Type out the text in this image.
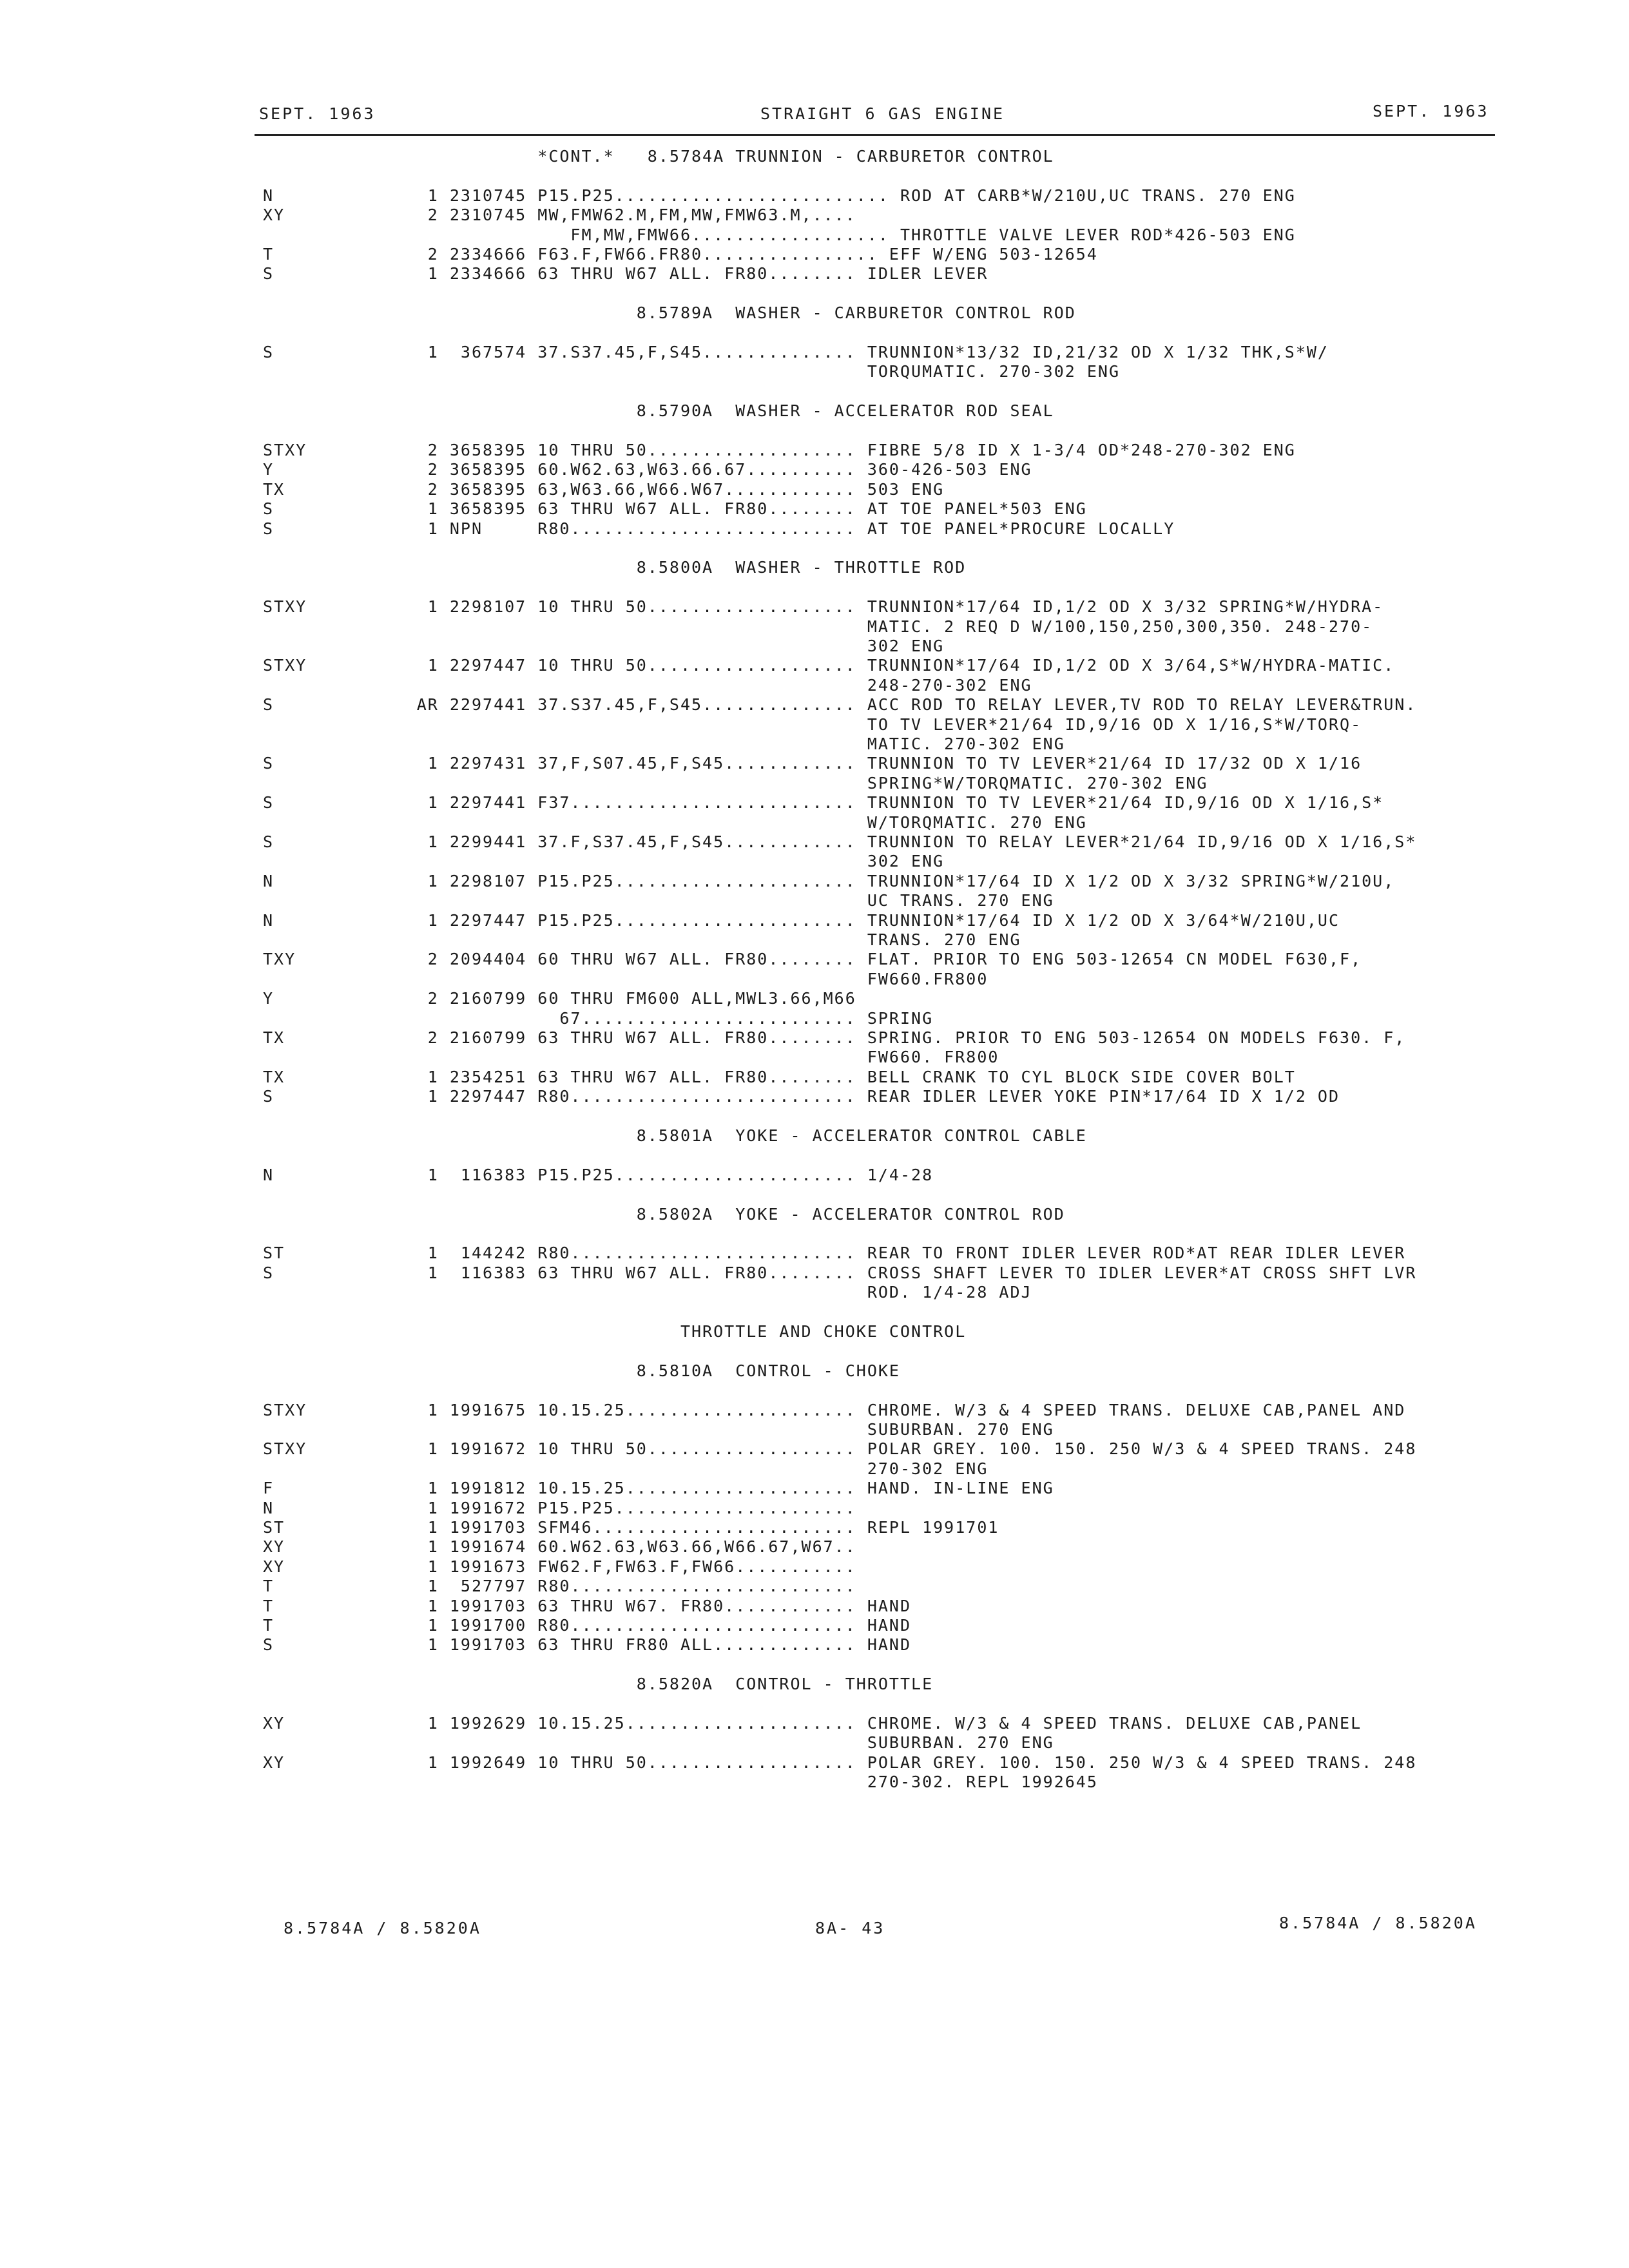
SEPT. 1963	STRAIGHT 6 GAS ENGINE	SEPT. 1963
*CONT.*   8.5784A TRUNNION - CARBURETOR CONTROL
N              1 2310745 P15.P25......................... ROD AT CARB*W/210U,UC TRANS. 270 ENG
XY             2 2310745 MW,FMW62.M,FM,MW,FMW63.M,....
FM,MW,FMW66.................. THROTTLE VALVE LEVER ROD*426-503 ENG
T              2 2334666 F63.F,FW66.FR80................ EFF W/ENG 503-12654
S              1 2334666 63 THRU W67 ALL. FR80........ IDLER LEVER
8.5789A  WASHER - CARBURETOR CONTROL ROD
S              1  367574 37.S37.45,F,S45.............. TRUNNION*13/32 ID,21/32 OD X 1/32 THK,S*W/
TORQUMATIC. 270-302 ENG
8.5790A  WASHER - ACCELERATOR ROD SEAL
STXY           2 3658395 10 THRU 50................... FIBRE 5/8 ID X 1-3/4 OD*248-270-302 ENG
Y              2 3658395 60.W62.63,W63.66.67.......... 360-426-503 ENG
TX             2 3658395 63,W63.66,W66.W67............ 503 ENG
S              1 3658395 63 THRU W67 ALL. FR80........ AT TOE PANEL*503 ENG
S              1 NPN     R80.......................... AT TOE PANEL*PROCURE LOCALLY
8.5800A  WASHER - THROTTLE ROD
STXY           1 2298107 10 THRU 50................... TRUNNION*17/64 ID,1/2 OD X 3/32 SPRING*W/HYDRA-
MATIC. 2 REQ D W/100,150,250,300,350. 248-270-
302 ENG
STXY           1 2297447 10 THRU 50................... TRUNNION*17/64 ID,1/2 OD X 3/64,S*W/HYDRA-MATIC.
248-270-302 ENG
S             AR 2297441 37.S37.45,F,S45.............. ACC ROD TO RELAY LEVER,TV ROD TO RELAY LEVER&TRUN.
TO TV LEVER*21/64 ID,9/16 OD X 1/16,S*W/TORQ-
MATIC. 270-302 ENG
S              1 2297431 37,F,S07.45,F,S45............ TRUNNION TO TV LEVER*21/64 ID 17/32 OD X 1/16
SPRING*W/TORQMATIC. 270-302 ENG
S              1 2297441 F37.......................... TRUNNION TO TV LEVER*21/64 ID,9/16 OD X 1/16,S*
W/TORQMATIC. 270 ENG
S              1 2299441 37.F,S37.45,F,S45............ TRUNNION TO RELAY LEVER*21/64 ID,9/16 OD X 1/16,S*
302 ENG
N              1 2298107 P15.P25...................... TRUNNION*17/64 ID X 1/2 OD X 3/32 SPRING*W/210U,
UC TRANS. 270 ENG
N              1 2297447 P15.P25...................... TRUNNION*17/64 ID X 1/2 OD X 3/64*W/210U,UC
TRANS. 270 ENG
TXY            2 2094404 60 THRU W67 ALL. FR80........ FLAT. PRIOR TO ENG 503-12654 CN MODEL F630,F,
FW660.FR800
Y              2 2160799 60 THRU FM600 ALL,MWL3.66,M66
67......................... SPRING
TX             2 2160799 63 THRU W67 ALL. FR80........ SPRING. PRIOR TO ENG 503-12654 ON MODELS F630. F,
FW660. FR800
TX             1 2354251 63 THRU W67 ALL. FR80........ BELL CRANK TO CYL BLOCK SIDE COVER BOLT
S              1 2297447 R80.......................... REAR IDLER LEVER YOKE PIN*17/64 ID X 1/2 OD
8.5801A  YOKE - ACCELERATOR CONTROL CABLE
N              1  116383 P15.P25...................... 1/4-28
8.5802A  YOKE - ACCELERATOR CONTROL ROD
ST             1  144242 R80.......................... REAR TO FRONT IDLER LEVER ROD*AT REAR IDLER LEVER
S              1  116383 63 THRU W67 ALL. FR80........ CROSS SHAFT LEVER TO IDLER LEVER*AT CROSS SHFT LVR
ROD. 1/4-28 ADJ
THROTTLE AND CHOKE CONTROL
8.5810A  CONTROL - CHOKE
STXY           1 1991675 10.15.25..................... CHROME. W/3 & 4 SPEED TRANS. DELUXE CAB,PANEL AND
SUBURBAN. 270 ENG
STXY           1 1991672 10 THRU 50................... POLAR GREY. 100. 150. 250 W/3 & 4 SPEED TRANS. 248
270-302 ENG
F              1 1991812 10.15.25..................... HAND. IN-LINE ENG
N              1 1991672 P15.P25......................
ST             1 1991703 SFM46........................ REPL 1991701
XY             1 1991674 60.W62.63,W63.66,W66.67,W67..
XY             1 1991673 FW62.F,FW63.F,FW66...........
T              1  527797 R80..........................
T              1 1991703 63 THRU W67. FR80............ HAND
T              1 1991700 R80.......................... HAND
S              1 1991703 63 THRU FR80 ALL............. HAND
8.5820A  CONTROL - THROTTLE
XY             1 1992629 10.15.25..................... CHROME. W/3 & 4 SPEED TRANS. DELUXE CAB,PANEL
SUBURBAN. 270 ENG
XY             1 1992649 10 THRU 50................... POLAR GREY. 100. 150. 250 W/3 & 4 SPEED TRANS. 248
270-302. REPL 1992645
8.5784A / 8.5820A	8A- 43	8.5784A / 8.5820A
